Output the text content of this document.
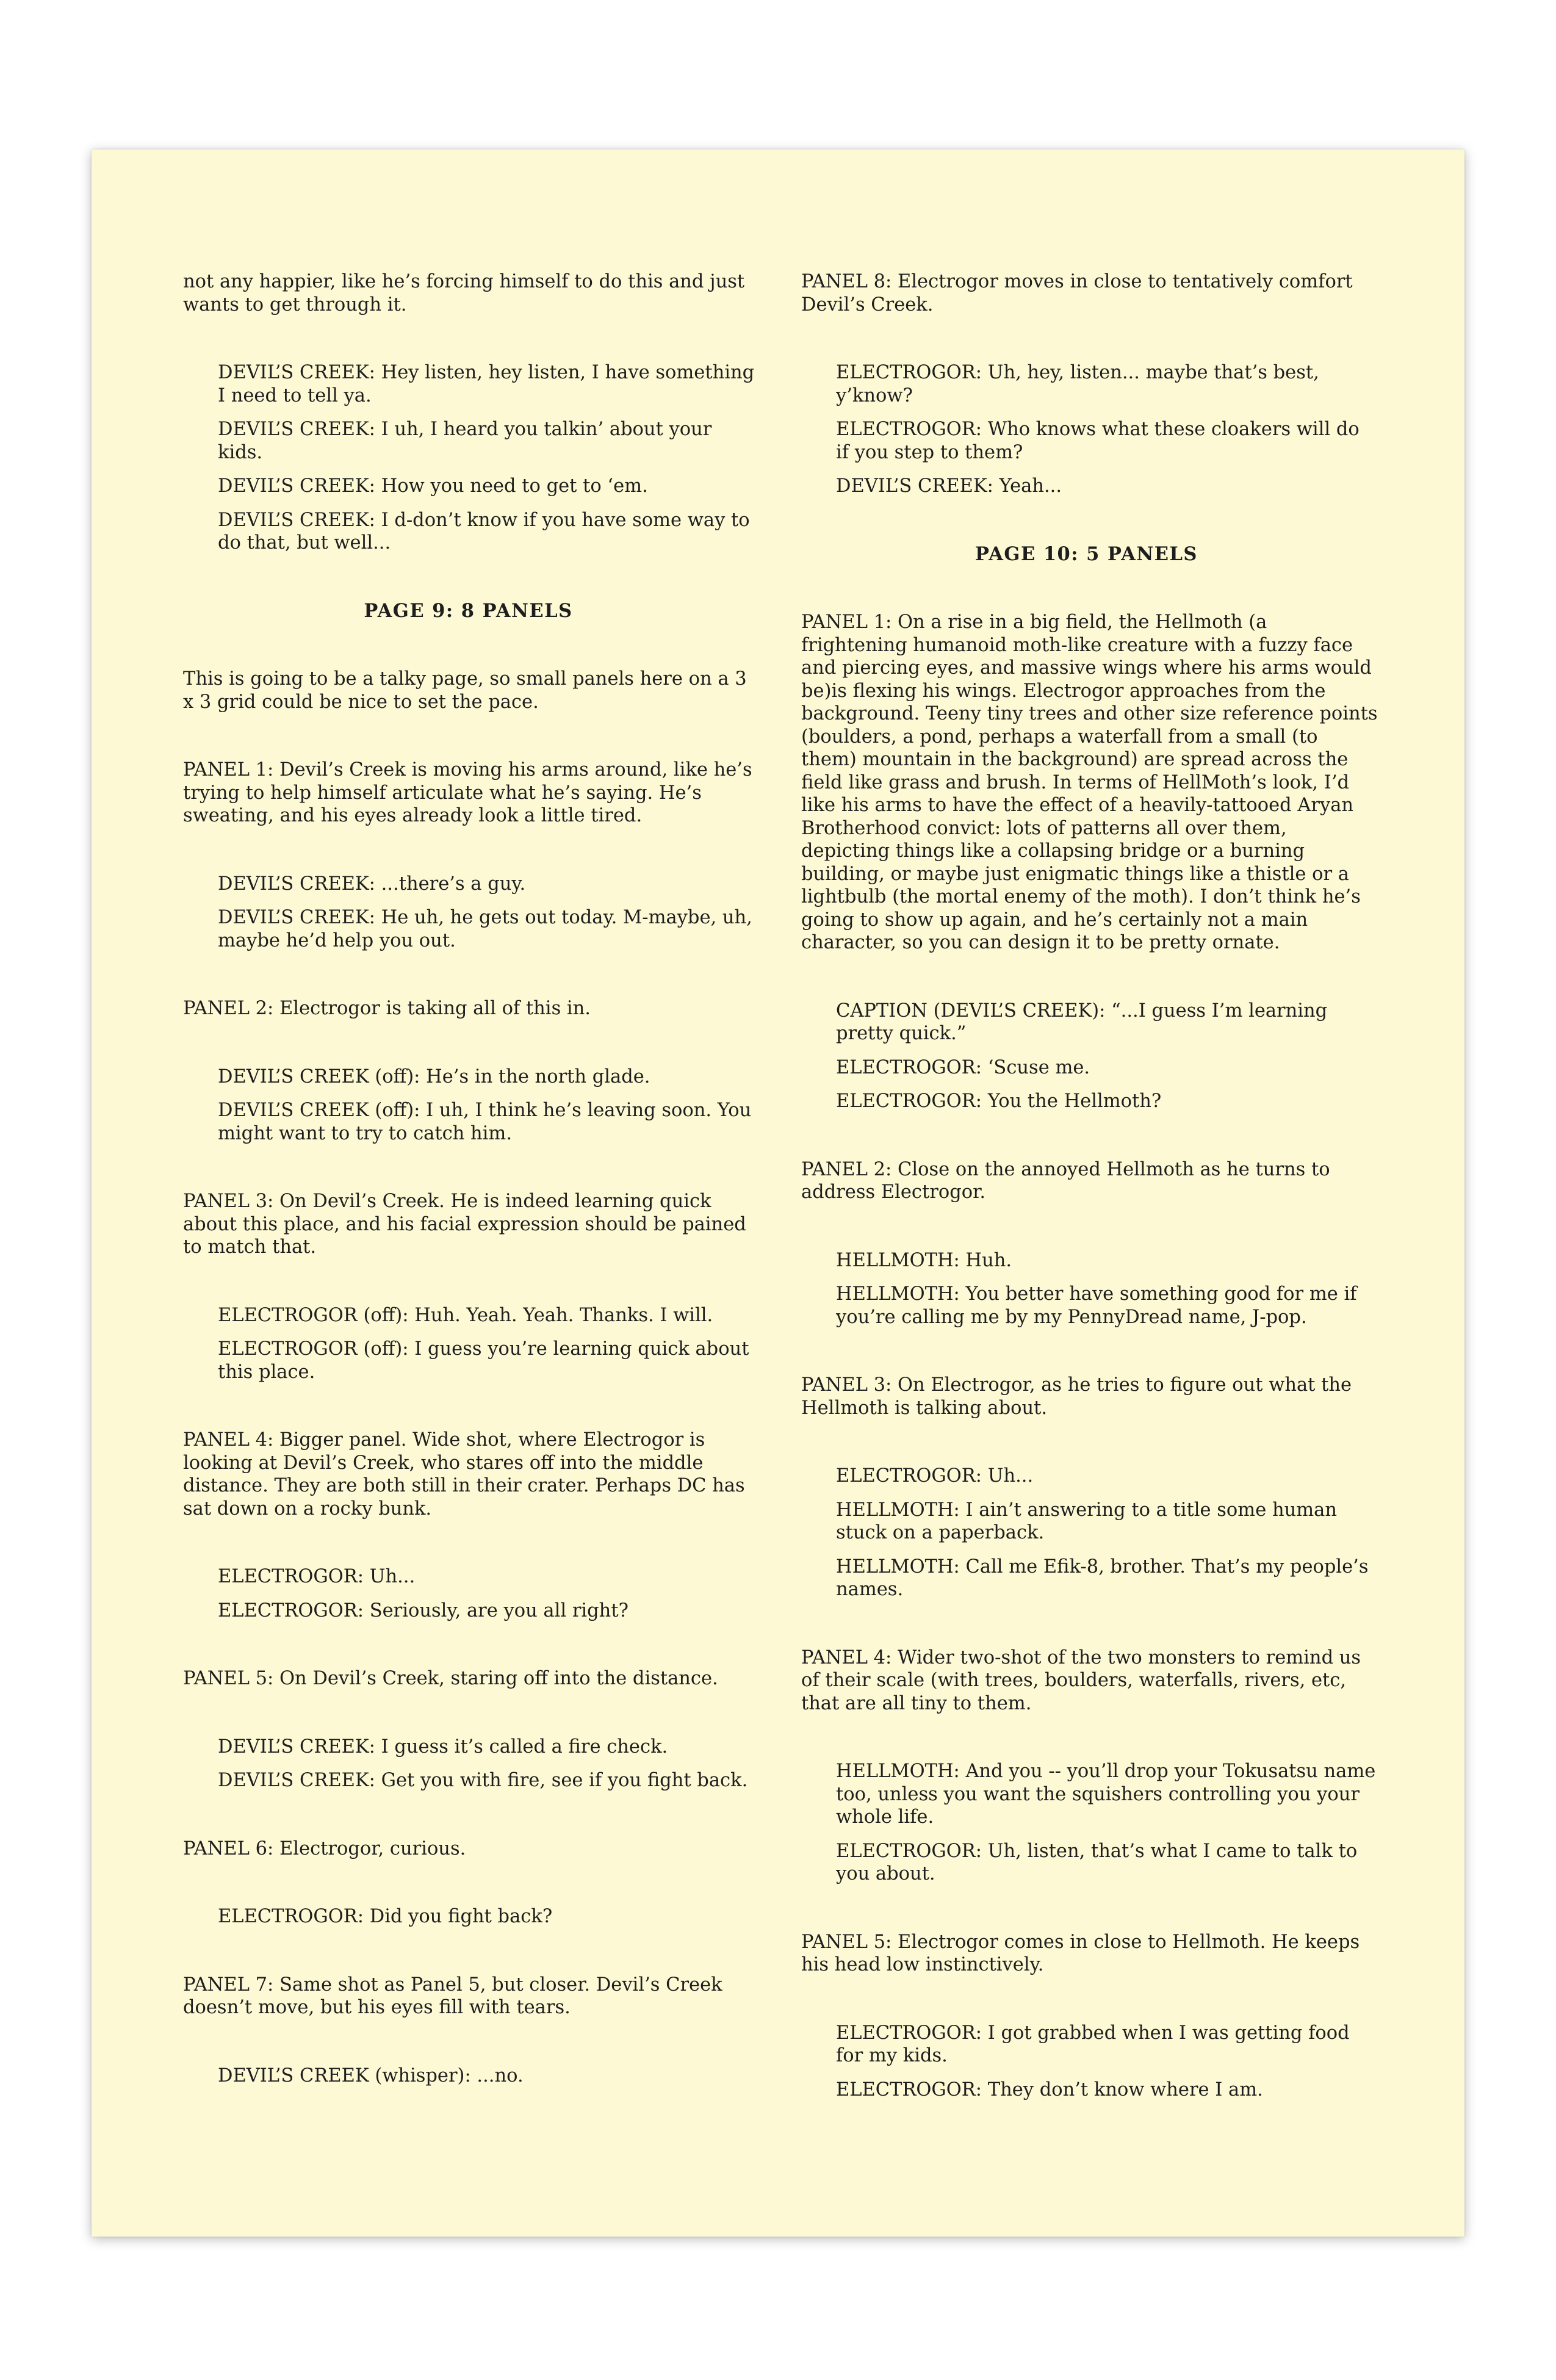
not any happier, like he’s forcing himself to do this and just wants to get through it.

DEVIL’S CREEK: Hey listen, hey listen, I have something I need to tell ya.

DEVIL’S CREEK: I uh, I heard you talkin’ about your kids.

DEVIL’S CREEK: How you need to get to ‘em.

DEVIL’S CREEK: I d-don’t know if you have some way to do that, but well...

PAGE 9: 8 PANELS

This is going to be a talky page, so small panels here on a 3 x 3 grid could be nice to set the pace.

PANEL 1: Devil’s Creek is moving his arms around, like he’s trying to help himself articulate what he’s saying. He’s sweating, and his eyes already look a little tired.

DEVIL’S CREEK: ...there’s a guy.

DEVIL’S CREEK: He uh, he gets out today. M-maybe, uh, maybe he’d help you out.

PANEL 2: Electrogor is taking all of this in.

DEVIL’S CREEK (off): He’s in the north glade.

DEVIL’S CREEK (off): I uh, I think he’s leaving soon. You might want to try to catch him.

PANEL 3: On Devil’s Creek. He is indeed learning quick about this place, and his facial expression should be pained to match that.

ELECTROGOR (off): Huh. Yeah. Yeah. Thanks. I will.

ELECTROGOR (off): I guess you’re learning quick about this place.

PANEL 4: Bigger panel. Wide shot, where Electrogor is looking at Devil’s Creek, who stares off into the middle distance. They are both still in their crater. Perhaps DC has sat down on a rocky bunk.

ELECTROGOR: Uh...

ELECTROGOR: Seriously, are you all right?

PANEL 5: On Devil’s Creek, staring off into the distance.

DEVIL’S CREEK: I guess it’s called a fire check.

DEVIL’S CREEK: Get you with fire, see if you fight back.

PANEL 6: Electrogor, curious.

ELECTROGOR: Did you fight back?

PANEL 7: Same shot as Panel 5, but closer. Devil’s Creek doesn’t move, but his eyes fill with tears.

DEVIL’S CREEK (whisper): ...no.

PANEL 8: Electrogor moves in close to tentatively comfort Devil’s Creek.

ELECTROGOR: Uh, hey, listen... maybe that’s best, y’know?

ELECTROGOR: Who knows what these cloakers will do if you step to them?

DEVIL’S CREEK: Yeah...

PAGE 10: 5 PANELS

PANEL 1: On a rise in a big field, the Hellmoth (a frightening humanoid moth-like creature with a fuzzy face and piercing eyes, and massive wings where his arms would be)is flexing his wings. Electrogor approaches from the background. Teeny tiny trees and other size reference points (boulders, a pond, perhaps a waterfall from a small (to them) mountain in the background) are spread across the field like grass and brush. In terms of HellMoth’s look, I’d like his arms to have the effect of a heavily-tattooed Aryan Brotherhood convict: lots of patterns all over them, depicting things like a collapsing bridge or a burning building, or maybe just enigmatic things like a thistle or a lightbulb (the mortal enemy of the moth). I don’t think he’s going to show up again, and he’s certainly not a main character, so you can design it to be pretty ornate.

CAPTION (DEVIL’S CREEK): “...I guess I’m learning pretty quick.”

ELECTROGOR: ‘Scuse me.

ELECTROGOR: You the Hellmoth?

PANEL 2: Close on the annoyed Hellmoth as he turns to address Electrogor.

HELLMOTH: Huh.

HELLMOTH: You better have something good for me if you’re calling me by my PennyDread name, J-pop.

PANEL 3: On Electrogor, as he tries to figure out what the Hellmoth is talking about.

ELECTROGOR: Uh...

HELLMOTH: I ain’t answering to a title some human stuck on a paperback.

HELLMOTH: Call me Efik-8, brother. That’s my people’s names.

PANEL 4: Wider two-shot of the two monsters to remind us of their scale (with trees, boulders, waterfalls, rivers, etc, that are all tiny to them.

HELLMOTH: And you -- you’ll drop your Tokusatsu name too, unless you want the squishers controlling you your whole life.

ELECTROGOR: Uh, listen, that’s what I came to talk to you about.

PANEL 5: Electrogor comes in close to Hellmoth. He keeps his head low instinctively.

ELECTROGOR: I got grabbed when I was getting food for my kids.

ELECTROGOR: They don’t know where I am.
